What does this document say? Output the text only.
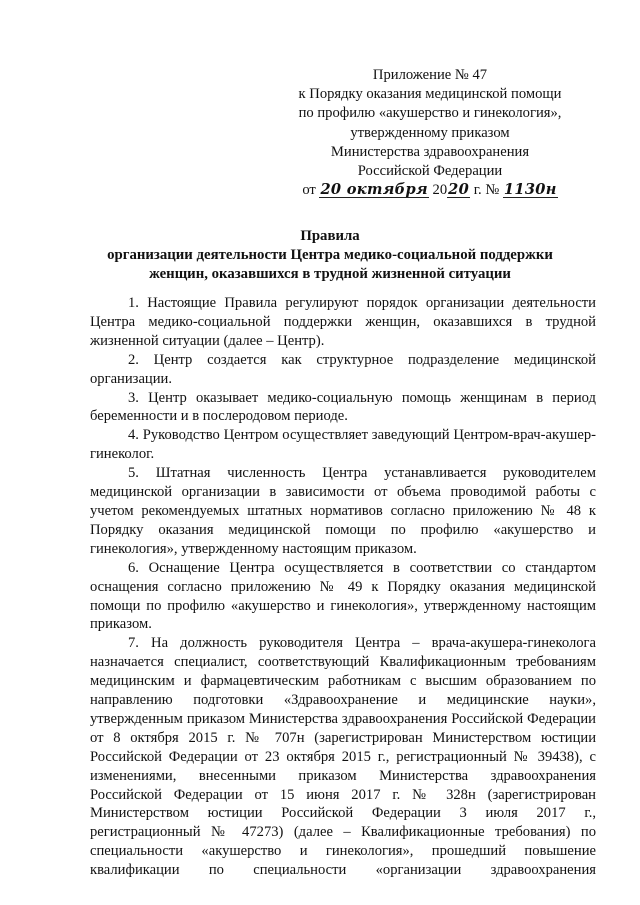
Приложение № 47
к Порядку оказания медицинской помощи
по профилю «акушерство и гинекология»,
утвержденному приказом
Министерства здравоохранения
Российской Федерации
от 20 октября 2020 г. № 1130н
Правила
организации деятельности Центра медико-социальной поддержки
женщин, оказавшихся в трудной жизненной ситуации

1. Настоящие Правила регулируют порядок организации деятельности Центра медико-социальной поддержки женщин, оказавшихся в трудной жизненной ситуации (далее – Центр).

2. Центр создается как структурное подразделение медицинской организации.

3. Центр оказывает медико-социальную помощь женщинам в период беременности и в послеродовом периоде.

4. Руководство Центром осуществляет заведующий Центром-врач-акушер-гинеколог.

5. Штатная численность Центра устанавливается руководителем медицинской организации в зависимости от объема проводимой работы с учетом рекомендуемых штатных нормативов согласно приложению № 48 к Порядку оказания медицинской помощи по профилю «акушерство и гинекология», утвержденному настоящим приказом.

6. Оснащение Центра осуществляется в соответствии со стандартом оснащения согласно приложению № 49 к Порядку оказания медицинской помощи по профилю «акушерство и гинекология», утвержденному настоящим приказом.

7. На должность руководителя Центра – врача-акушера-гинеколога назначается специалист, соответствующий Квалификационным требованиям медицинским и фармацевтическим работникам с высшим образованием по направлению подготовки «Здравоохранение и медицинские науки», утвержденным приказом Министерства здравоохранения Российской Федерации от 8 октября 2015 г. № 707н (зарегистрирован Министерством юстиции Российской Федерации от 23 октября 2015 г., регистрационный № 39438), с изменениями, внесенными приказом Министерства здравоохранения Российской Федерации от 15 июня 2017 г. № 328н (зарегистрирован Министерством юстиции Российской Федерации 3 июля 2017 г., регистрационный № 47273) (далее – Квалификационные требования) по специальности «акушерство и гинекология», прошедший повышение квалификации по специальности «организации здравоохранения
